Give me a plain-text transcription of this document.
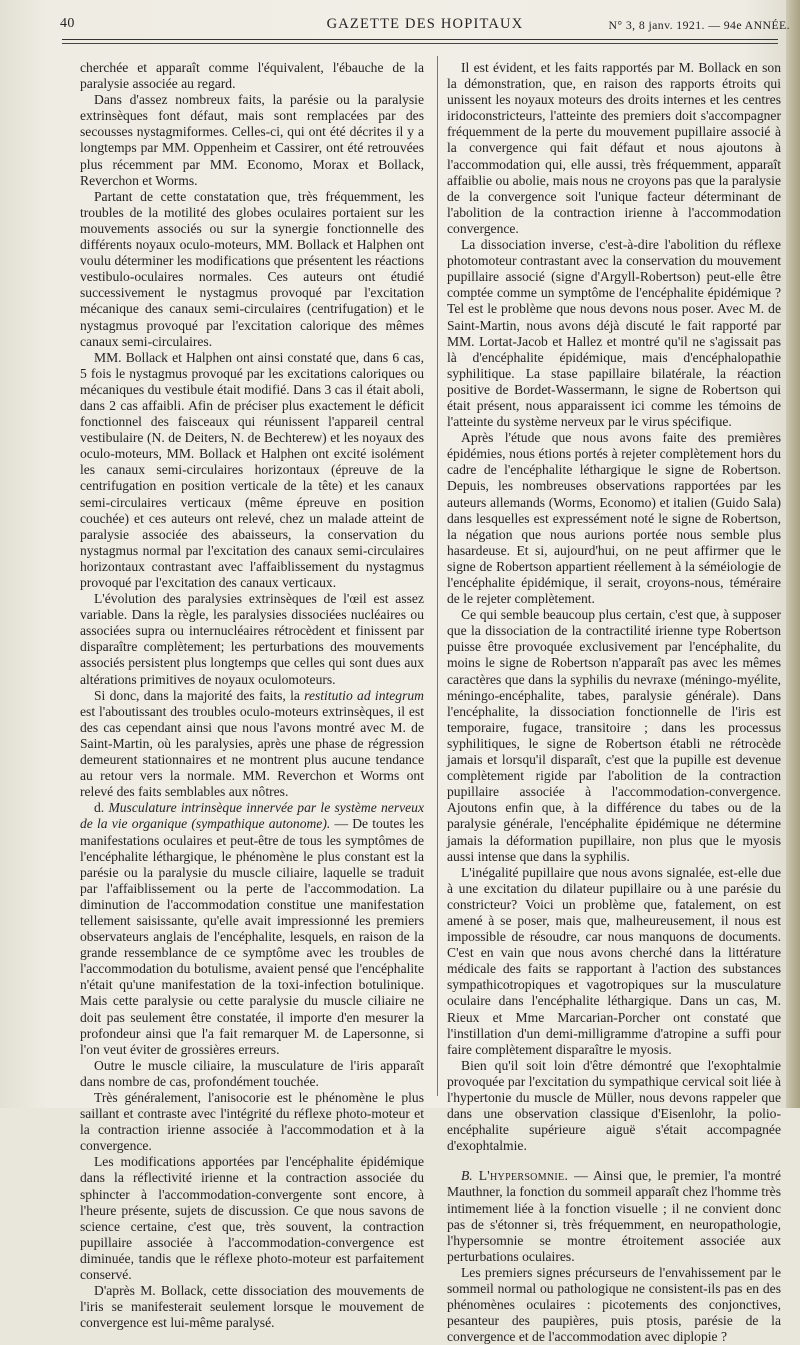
40	GAZETTE DES HOPITAUX	N° 3, 8 janv. 1921. — 94e ANNÉE.

cherchée et apparaît comme l'équivalent, l'ébauche de la paralysie associée au regard.

Dans d'assez nombreux faits, la parésie ou la paralysie extrinsèques font défaut, mais sont remplacées par des secousses nystagmiformes. Celles-ci, qui ont été décrites il y a longtemps par MM. Oppenheim et Cassirer, ont été retrouvées plus récemment par MM. Economo, Morax et Bollack, Reverchon et Worms.

Partant de cette constatation que, très fréquemment, les troubles de la motilité des globes oculaires portaient sur les mouvements associés ou sur la synergie fonctionnelle des différents noyaux oculo-moteurs, MM. Bollack et Halphen ont voulu déterminer les modifications que présentent les réactions vestibulo-oculaires normales. Ces auteurs ont étudié successivement le nystagmus provoqué par l'excitation mécanique des canaux semi-circulaires (centrifugation) et le nystagmus provoqué par l'excitation calorique des mêmes canaux semi-circulaires.

MM. Bollack et Halphen ont ainsi constaté que, dans 6 cas, 5 fois le nystagmus provoqué par les excitations caloriques ou mécaniques du vestibule était modifié. Dans 3 cas il était aboli, dans 2 cas affaibli. Afin de préciser plus exactement le déficit fonctionnel des faisceaux qui réunissent l'appareil central vestibulaire (N. de Deiters, N. de Bechterew) et les noyaux des oculo-moteurs, MM. Bollack et Halphen ont excité isolément les canaux semi-circulaires horizontaux (épreuve de la centrifugation en position verticale de la tête) et les canaux semi-circulaires verticaux (même épreuve en position couchée) et ces auteurs ont relevé, chez un malade atteint de paralysie associée des abaisseurs, la conservation du nystagmus normal par l'excitation des canaux semi-circulaires horizontaux contrastant avec l'affaiblissement du nystagmus provoqué par l'excitation des canaux verticaux.

L'évolution des paralysies extrinsèques de l'œil est assez variable. Dans la règle, les paralysies dissociées nucléaires ou associées supra ou internucléaires rétrocèdent et finissent par disparaître complètement; les perturbations des mouvements associés persistent plus longtemps que celles qui sont dues aux altérations primitives de noyaux oculomoteurs.

Si donc, dans la majorité des faits, la restitutio ad integrum est l'aboutissant des troubles oculo-moteurs extrinsèques, il est des cas cependant ainsi que nous l'avons montré avec M. de Saint-Martin, où les paralysies, après une phase de régression demeurent stationnaires et ne montrent plus aucune tendance au retour vers la normale. MM. Reverchon et Worms ont relevé des faits semblables aux nôtres.

d. Musculature intrinsèque innervée par le système nerveux de la vie organique (sympathique autonome). — De toutes les manifestations oculaires et peut-être de tous les symptômes de l'encéphalite léthargique, le phénomène le plus constant est la parésie ou la paralysie du muscle ciliaire, laquelle se traduit par l'affaiblissement ou la perte de l'accommodation. La diminution de l'accommodation constitue une manifestation tellement saisissante, qu'elle avait impressionné les premiers observateurs anglais de l'encéphalite, lesquels, en raison de la grande ressemblance de ce symptôme avec les troubles de l'accommodation du botulisme, avaient pensé que l'encéphalite n'était qu'une manifestation de la toxi-infection botulinique. Mais cette paralysie ou cette paralysie du muscle ciliaire ne doit pas seulement être constatée, il importe d'en mesurer la profondeur ainsi que l'a fait remarquer M. de Lapersonne, si l'on veut éviter de grossières erreurs.

Outre le muscle ciliaire, la musculature de l'iris apparaît dans nombre de cas, profondément touchée.

Très généralement, l'anisocorie est le phénomène le plus saillant et contraste avec l'intégrité du réflexe photo-moteur et la contraction irienne associée à l'accommodation et à la convergence.

Les modifications apportées par l'encéphalite épidémique dans la réflectivité irienne et la contraction associée du sphincter à l'accommodation-convergente sont encore, à l'heure présente, sujets de discussion. Ce que nous savons de science certaine, c'est que, très souvent, la contraction pupillaire associée à l'accommodation-convergence est diminuée, tandis que le réflexe photo-moteur est parfaitement conservé.

D'après M. Bollack, cette dissociation des mouvements de l'iris se manifesterait seulement lorsque le mouvement de convergence est lui-même paralysé.

Il est évident, et les faits rapportés par M. Bollack en son la démonstration, que, en raison des rapports étroits qui unissent les noyaux moteurs des droits internes et les centres iridoconstricteurs, l'atteinte des premiers doit s'accompagner fréquemment de la perte du mouvement pupillaire associé à la convergence qui fait défaut et nous ajoutons à l'accommodation qui, elle aussi, très fréquemment, apparaît affaiblie ou abolie, mais nous ne croyons pas que la paralysie de la convergence soit l'unique facteur déterminant de l'abolition de la contraction irienne à l'accommodation convergence.

La dissociation inverse, c'est-à-dire l'abolition du réflexe photomoteur contrastant avec la conservation du mouvement pupillaire associé (signe d'Argyll-Robertson) peut-elle être comptée comme un symptôme de l'encéphalite épidémique ? Tel est le problème que nous devons nous poser. Avec M. de Saint-Martin, nous avons déjà discuté le fait rapporté par MM. Lortat-Jacob et Hallez et montré qu'il ne s'agissait pas là d'encéphalite épidémique, mais d'encéphalopathie syphilitique. La stase papillaire bilatérale, la réaction positive de Bordet-Wassermann, le signe de Robertson qui était présent, nous apparaissent ici comme les témoins de l'atteinte du système nerveux par le virus spécifique.

Après l'étude que nous avons faite des premières épidémies, nous étions portés à rejeter complètement hors du cadre de l'encéphalite léthargique le signe de Robertson. Depuis, les nombreuses observations rapportées par les auteurs allemands (Worms, Economo) et italien (Guido Sala) dans lesquelles est expressément noté le signe de Robertson, la négation que nous aurions portée nous semble plus hasardeuse. Et si, aujourd'hui, on ne peut affirmer que le signe de Robertson appartient réellement à la séméiologie de l'encéphalite épidémique, il serait, croyons-nous, téméraire de le rejeter complètement.

Ce qui semble beaucoup plus certain, c'est que, à supposer que la dissociation de la contractilité irienne type Robertson puisse être provoquée exclusivement par l'encéphalite, du moins le signe de Robertson n'apparaît pas avec les mêmes caractères que dans la syphilis du nevraxe (méningo-myélite, méningo-encéphalite, tabes, paralysie générale). Dans l'encéphalite, la dissociation fonctionnelle de l'iris est temporaire, fugace, transitoire ; dans les processus syphilitiques, le signe de Robertson établi ne rétrocède jamais et lorsqu'il disparaît, c'est que la pupille est devenue complètement rigide par l'abolition de la contraction pupillaire associée à l'accommodation-convergence. Ajoutons enfin que, à la différence du tabes ou de la paralysie générale, l'encéphalite épidémique ne détermine jamais la déformation pupillaire, non plus que le myosis aussi intense que dans la syphilis.

L'inégalité pupillaire que nous avons signalée, est-elle due à une excitation du dilateur pupillaire ou à une parésie du constricteur? Voici un problème que, fatalement, on est amené à se poser, mais que, malheureusement, il nous est impossible de résoudre, car nous manquons de documents. C'est en vain que nous avons cherché dans la littérature médicale des faits se rapportant à l'action des substances sympathicotropiques et vagotropiques sur la musculature oculaire dans l'encéphalite léthargique. Dans un cas, M. Rieux et Mme Marcarian-Porcher ont constaté que l'instillation d'un demi-milligramme d'atropine a suffi pour faire complètement disparaître le myosis.

Bien qu'il soit loin d'être démontré que l'exophtalmie provoquée par l'excitation du sympathique cervical soit liée à l'hypertonie du muscle de Müller, nous devons rappeler que dans une observation classique d'Eisenlohr, la polio-encéphalite supérieure aiguë s'était accompagnée d'exophtalmie.

B. L'hypersomnie. — Ainsi que, le premier, l'a montré Mauthner, la fonction du sommeil apparaît chez l'homme très intimement liée à la fonction visuelle ; il ne convient donc pas de s'étonner si, très fréquemment, en neuropathologie, l'hypersomnie se montre étroitement associée aux perturbations oculaires.

Les premiers signes précurseurs de l'envahissement par le sommeil normal ou pathologique ne consistent-ils pas en des phénomènes oculaires : picotements des conjonctives, pesanteur des paupières, puis ptosis, parésie de la convergence et de l'accommodation avec diplopie ?
